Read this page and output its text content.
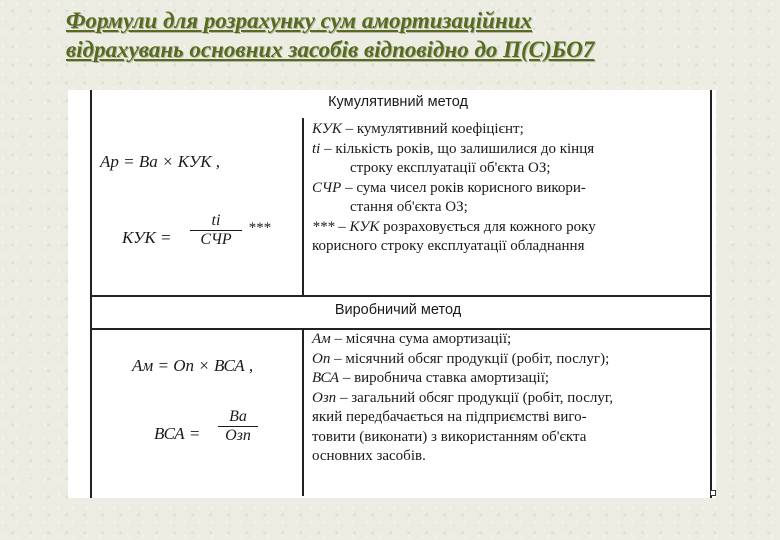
Формули для розрахунку сум амортизаційних
відрахувань основних засобів відповідно до П(С)БО7
Кумулятивний метод
Ар = Ва × КУК ,
КУК =
ti
СЧР
***
КУК – кумулятивний коефіцієнт;
ti – кількість років, що залишилися до кінця
строку експлуатації об'єкта ОЗ;
СЧР – сума чисел років корисного викори-
стання об'єкта ОЗ;
*** – КУК розраховується для кожного року
корисного строку експлуатації обладнання
Виробничий метод
Ам = Оп × ВСА ,
ВСА =
Ва
Озп
Ам – місячна сума амортизації;
Оп – місячний обсяг продукції (робіт, послуг);
ВСА – виробнича ставка амортизації;
Озп – загальний обсяг продукції (робіт, послуг,
який передбачається на підприємстві виго-
товити (виконати) з використанням об'єкта
основних засобів.
